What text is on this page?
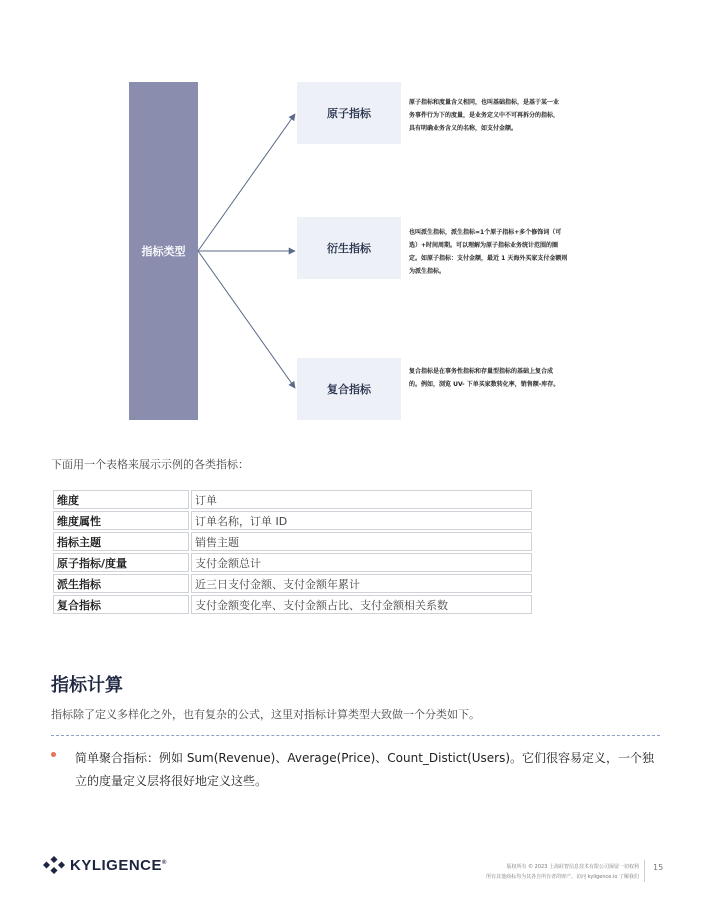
指标类型
原子指标
原子指标和度量含义相同，也叫基础指标，是基于某一业
务事件行为下的度量，是业务定义中不可再拆分的指标，
具有明确业务含义的名称，如支付金额。
衍生指标
也叫派生指标，派生指标=1个原子指标+多个修饰词（可
选）+时间周期。可以理解为原子指标业务统计范围的圈
定。如原子指标：支付金额，最近 1 天海外买家支付金额则
为派生指标。
复合指标
复合指标是在事务性指标和存量型指标的基础上复合成
的。例如，浏览 UV- 下单买家数转化率，销售额-库存。
下面用一个表格来展示示例的各类指标：
维度	订单
维度属性	订单名称，订单 ID
指标主题	销售主题
原子指标/度量	支付金额总计
派生指标	近三日支付金额、支付金额年累计
复合指标	支付金额变化率、支付金额占比、支付金额相关系数
指标计算
指标除了定义多样化之外，也有复杂的公式，这里对指标计算类型大致做一个分类如下。
简单聚合指标：例如 Sum(Revenue)、Average(Price)、Count_Distict(Users)。它们很容易定义，一个独立的度量定义层将很好地定义这些。
KYLIGENCE®
版权所有 © 2023 上海跬智信息技术有限公司保留一切权利
所有其他商标均为其各自所有者的财产。访问 kyligence.io 了解我们
15
